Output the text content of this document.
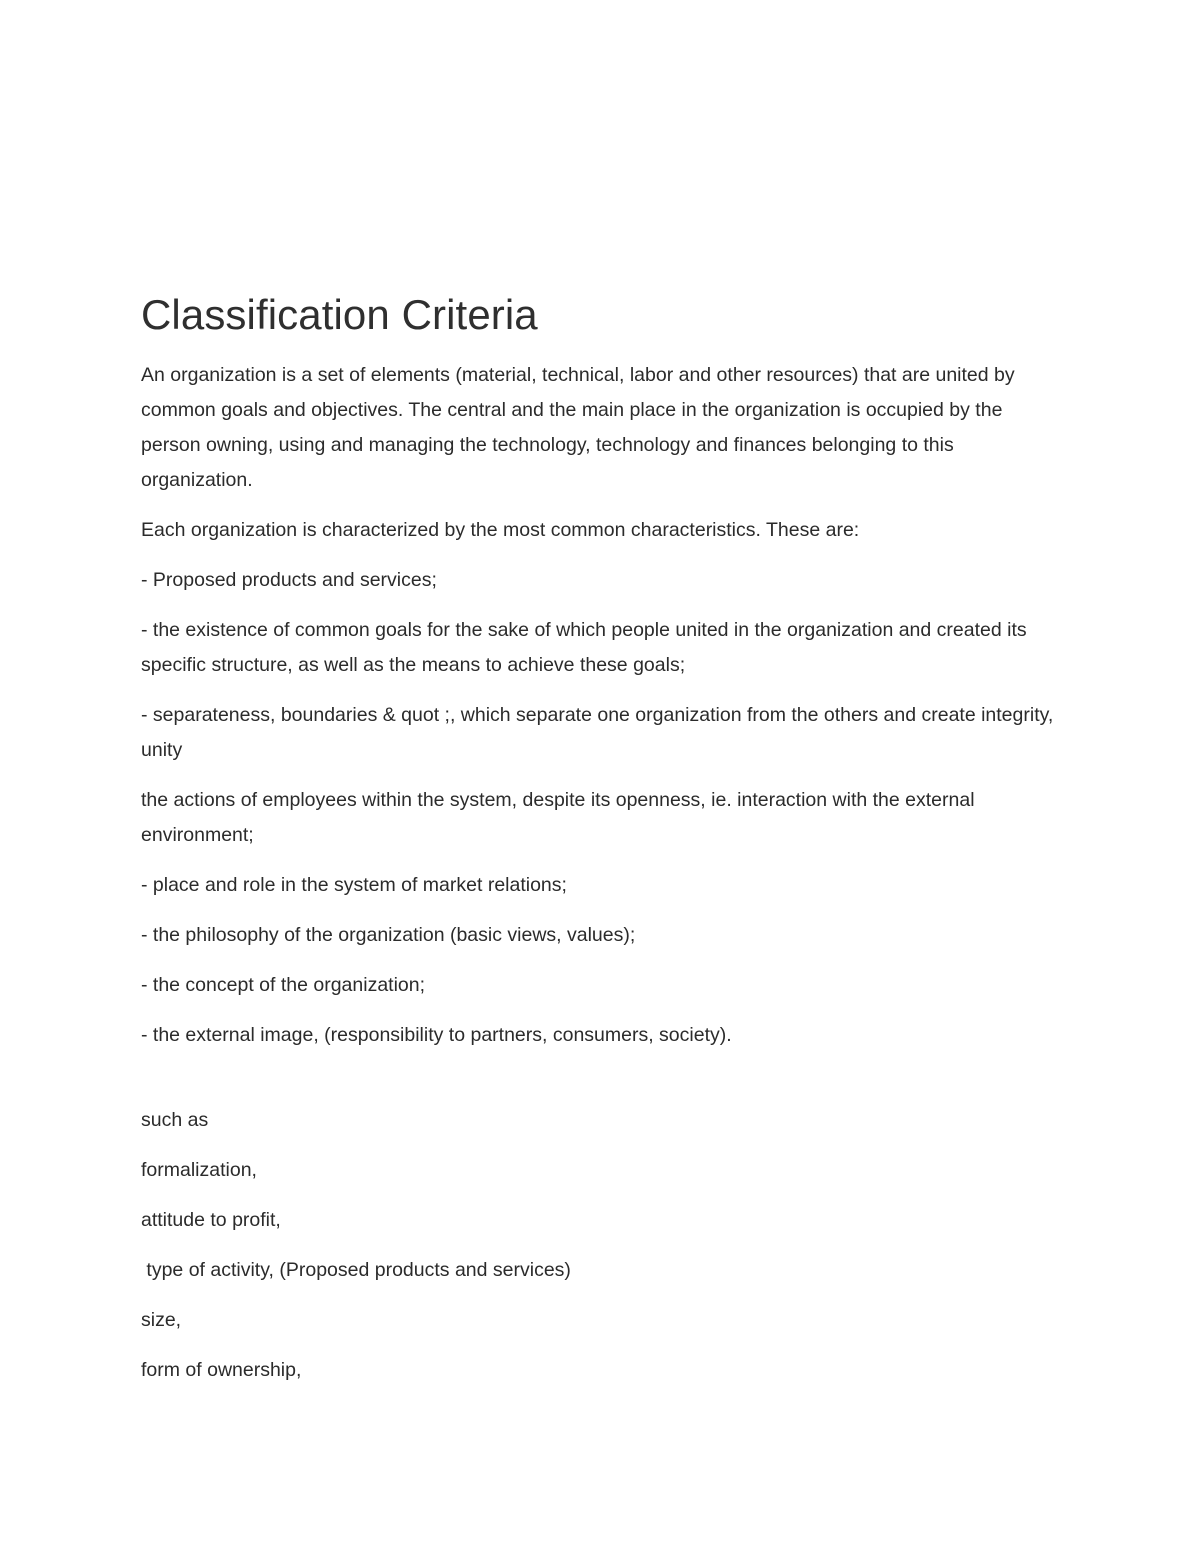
Classification Criteria

An organization is a set of elements (material, technical, labor and other resources) that are united by common goals and objectives. The central and the main place in the organization is occupied by the person owning, using and managing the technology, technology and finances belonging to this organization.

Each organization is characterized by the most common characteristics. These are:

- Proposed products and services;

- the existence of common goals for the sake of which people united in the organization and created its specific structure, as well as the means to achieve these goals;

- separateness, boundaries & quot ;, which separate one organization from the others and create integrity, unity

the actions of employees within the system, despite its openness, ie. interaction with the external environment;

- place and role in the system of market relations;

- the philosophy of the organization (basic views, values);

- the concept of the organization;

- the external image, (responsibility to partners, consumers, society).

such as

formalization,

attitude to profit,

type of activity, (Proposed products and services)

size,

form of ownership,
